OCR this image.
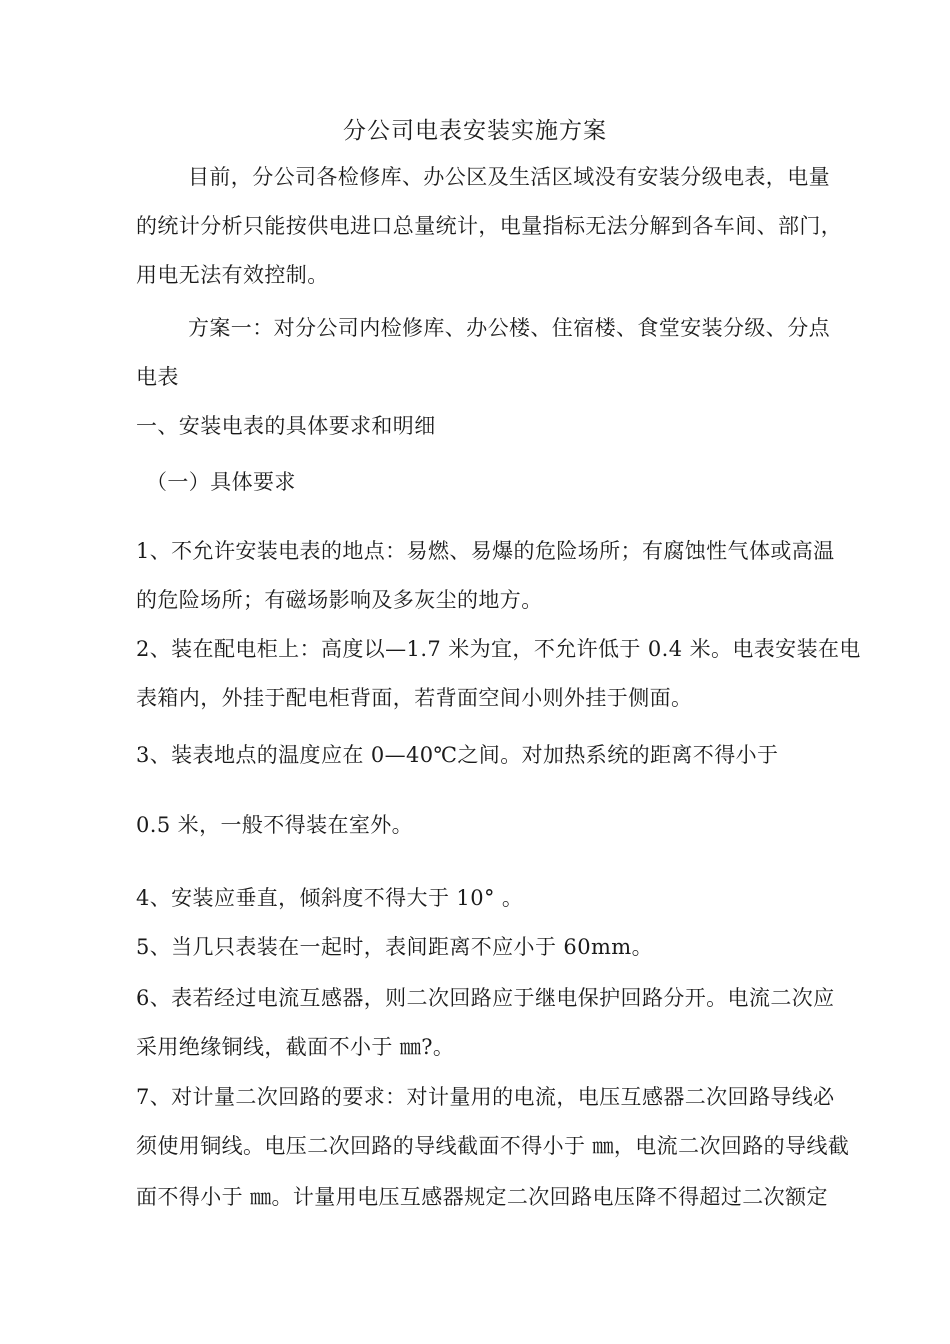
分公司电表安装实施方案
目前，分公司各检修库、办公区及生活区域没有安装分级电表，电量
的统计分析只能按供电进口总量统计，电量指标无法分解到各车间、部门，
用电无法有效控制。
方案一：对分公司内检修库、办公楼、住宿楼、食堂安装分级、分点
电表
一、安装电表的具体要求和明细
（一）具体要求
1、不允许安装电表的地点：易燃、易爆的危险场所；有腐蚀性气体或高温
的危险场所；有磁场影响及多灰尘的地方。
2、装在配电柜上：高度以—1.7 米为宜，不允许低于 0.4 米。电表安装在电
表箱内，外挂于配电柜背面，若背面空间小则外挂于侧面。
3、装表地点的温度应在 0—40℃之间。对加热系统的距离不得小于
0.5 米，一般不得装在室外。
4、安装应垂直，倾斜度不得大于 10° 。
5、当几只表装在一起时，表间距离不应小于 60mm。
6、表若经过电流互感器，则二次回路应于继电保护回路分开。电流二次应
采用绝缘铜线，截面不小于 ㎜?。
7、对计量二次回路的要求：对计量用的电流，电压互感器二次回路导线必
须使用铜线。电压二次回路的导线截面不得小于 ㎜，电流二次回路的导线截
面不得小于 ㎜。计量用电压互感器规定二次回路电压降不得超过二次额定
